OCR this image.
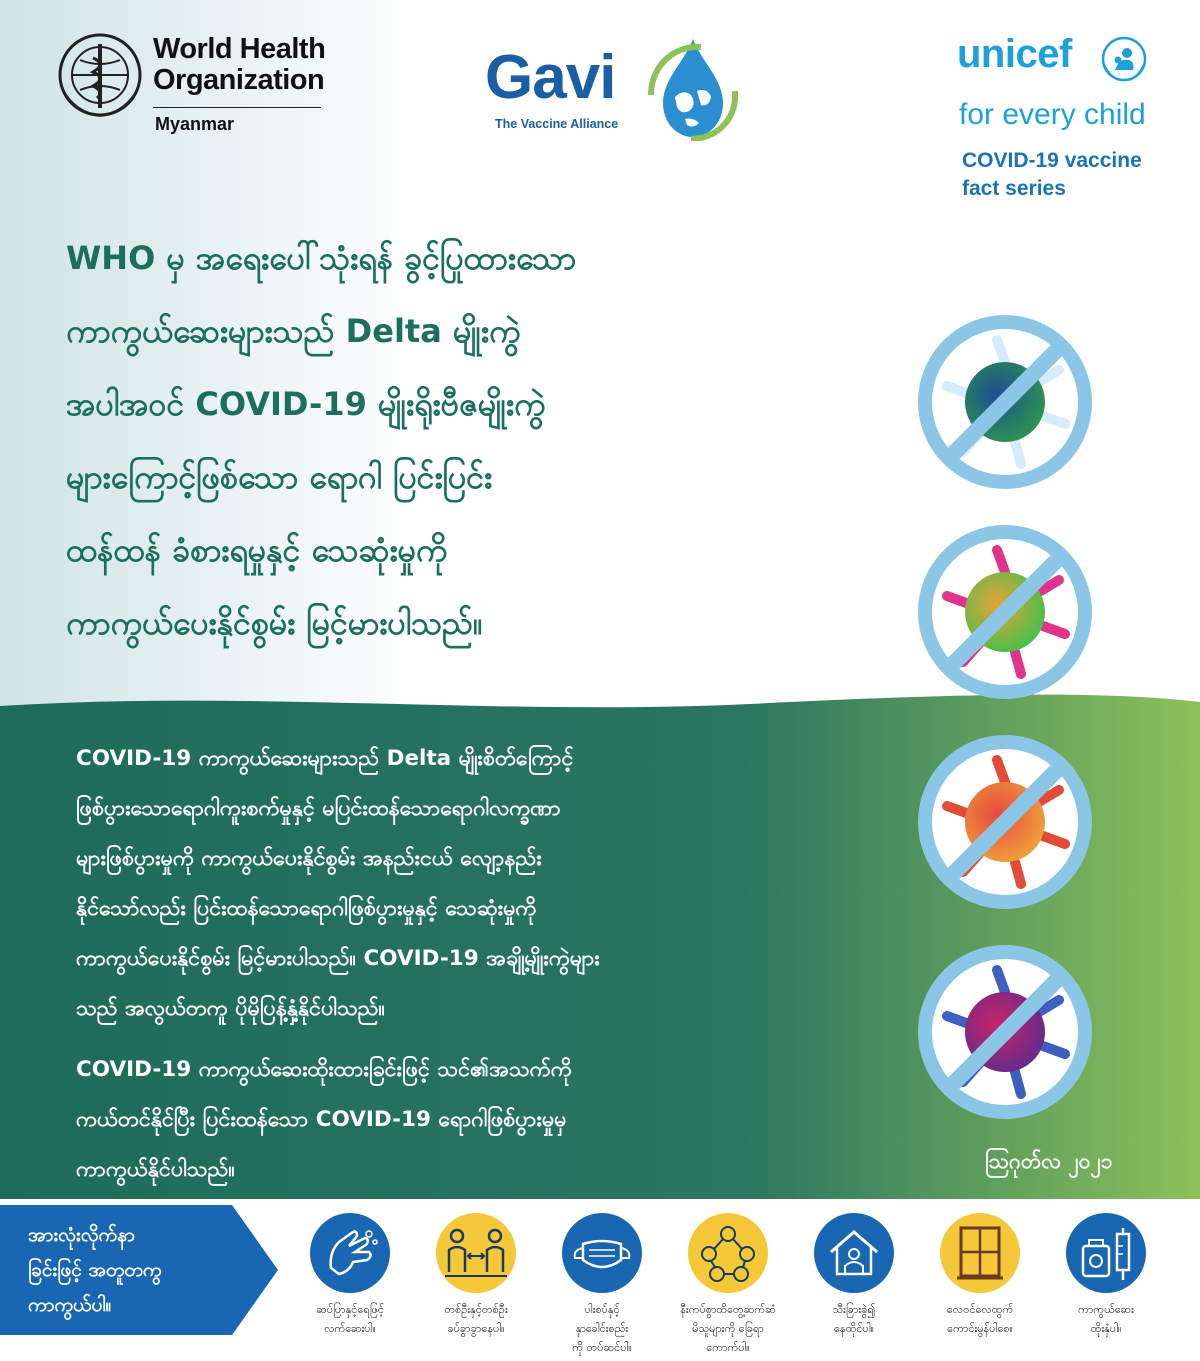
World Health
Organization
Myanmar
Gavi
The Vaccine Alliance
unicef
for every child
COVID-19 vaccine
fact series
WHO မှ အရေးပေါ်သုံးရန် ခွင့်ပြုထားသော
ကာကွယ်ဆေးများသည် Delta မျိုးကွဲ
အပါအဝင် COVID-19 မျိုးရိုးဗီဇမျိုးကွဲ
များကြောင့်ဖြစ်သော ရောဂါ ပြင်းပြင်း
ထန်ထန် ခံစားရမှုနှင့် သေဆုံးမှုကို
ကာကွယ်ပေးနိုင်စွမ်း မြင့်မားပါသည်။

COVID-19 ကာကွယ်ဆေးများသည် Delta မျိုးစိတ်ကြောင့်
ဖြစ်ပွားသောရောဂါကူးစက်မှုနှင့် မပြင်းထန်သောရောဂါလက္ခဏာ
များဖြစ်ပွားမှုကို ကာကွယ်ပေးနိုင်စွမ်း အနည်းငယ် လျော့နည်း
နိုင်သော်လည်း ပြင်းထန်သောရောဂါဖြစ်ပွားမှုနှင့် သေဆုံးမှုကို
ကာကွယ်ပေးနိုင်စွမ်း မြင့်မားပါသည်။ COVID-19 အချို့မျိုးကွဲများ
သည် အလွယ်တကူ ပိုမိုပြန့်နှံ့နိုင်ပါသည်။

COVID-19 ကာကွယ်ဆေးထိုးထားခြင်းဖြင့် သင်၏အသက်ကို
ကယ်တင်နိုင်ပြီး ပြင်းထန်သော COVID-19 ရောဂါဖြစ်ပွားမှုမှ
ကာကွယ်နိုင်ပါသည်။	ဩဂုတ်လ ၂၀၂၁
အားလုံးလိုက်နာ
ခြင်းဖြင့် အတူတကွ
ကာကွယ်ပါ။	ဆပ်ပြာနှင့်ရေဖြင့်
လက်ဆေးပါ။
တစ်ဦးနှင့်တစ်ဦး
ခပ်ခွာခွာနေပါ။
ပါးစပ်နှင့်
နှာခေါင်းစည်း
ကို တပ်ဆင်ပါ။
နီးကပ်စွာထိတွေ့ဆက်ဆံ
မိသူများကို ခြေရာ
ကောက်ပါ။
သီးခြားခွဲ၍
နေထိုင်ပါ။
လေဝင်လေထွက်
ကောင်းမွန်ပါစေ။
ကာကွယ်ဆေး
ထိုးနှံပါ။
